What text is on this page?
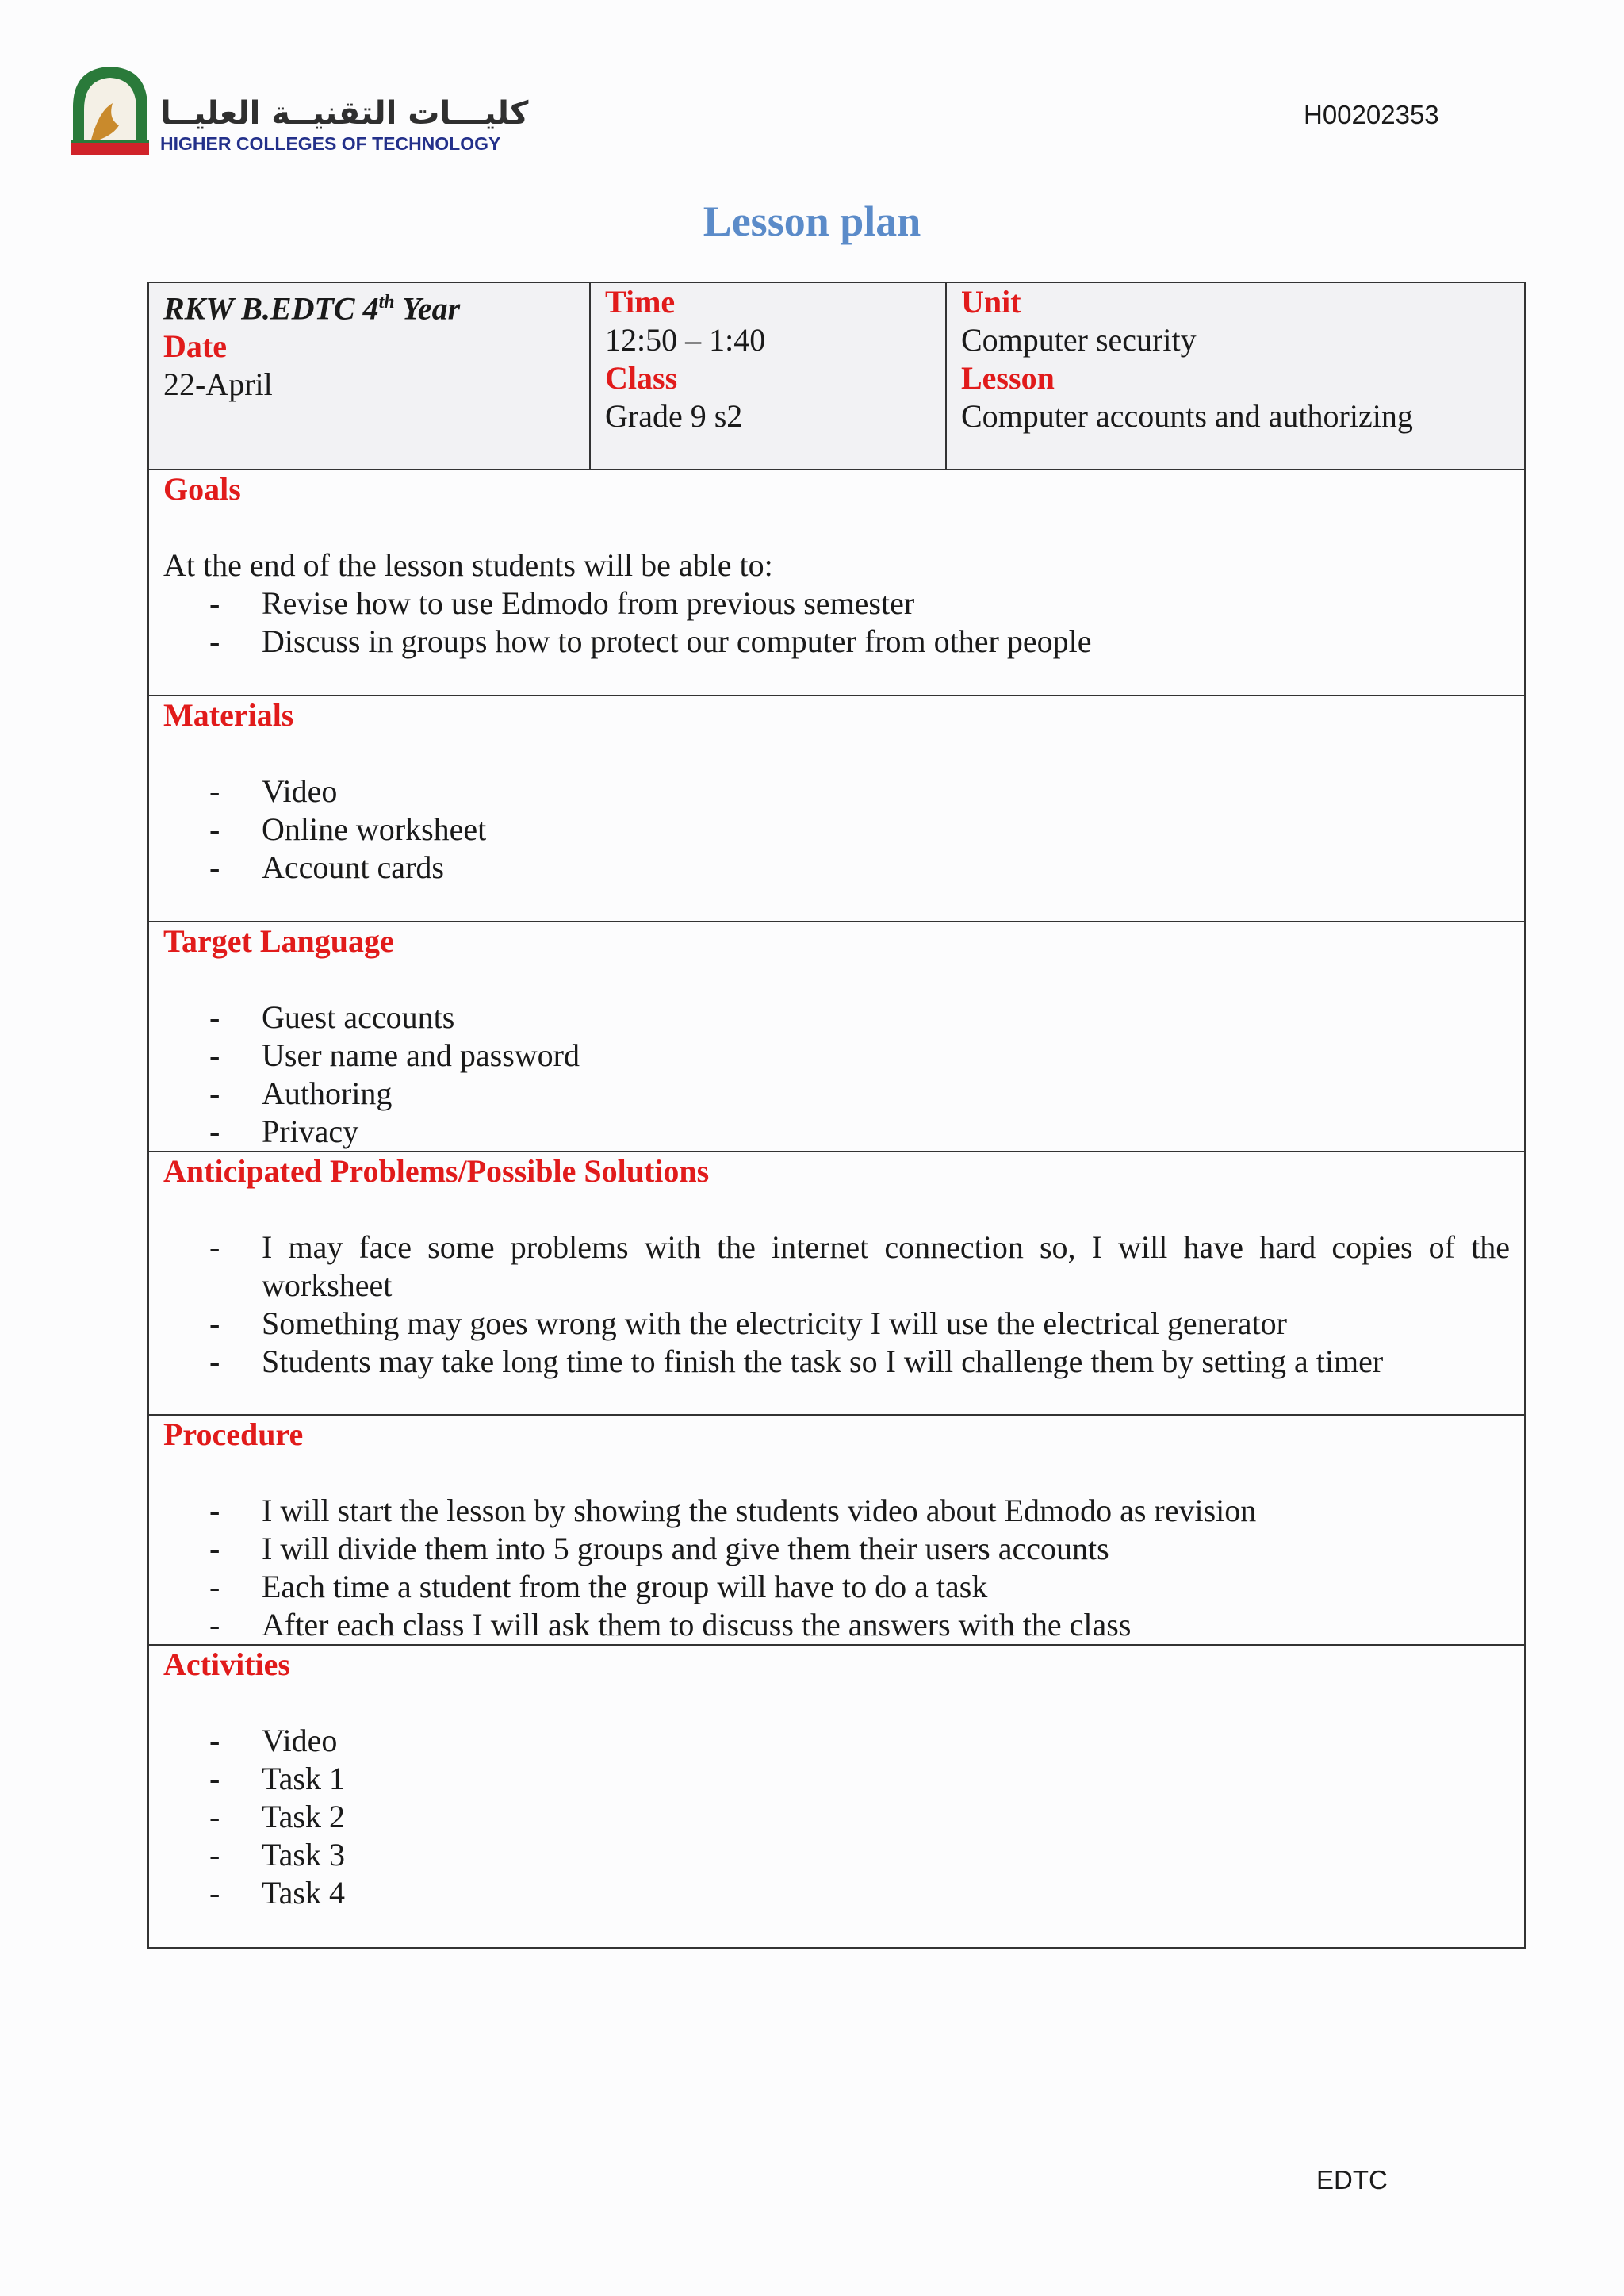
كليـــات التقنيــة العليــا
HIGHER COLLEGES OF TECHNOLOGY
H00202353
Lesson plan
RKW B.EDTC 4th Year
Date
22-April

Time
12:50 – 1:40
Class
Grade 9 s2

Unit
Computer security
Lesson
Computer accounts and authorizing

Goals
At the end of the lesson students will be able to:
- Revise how to use Edmodo from previous semester
- Discuss in groups how to protect our computer from other people

Materials
- Video
- Online worksheet
- Account cards

Target Language
- Guest accounts
- User name and password
- Authoring
- Privacy

Anticipated Problems/Possible Solutions
- I may face some problems with the internet connection so, I will have hard copies of the worksheet
- Something may goes wrong with the electricity I will use the electrical generator
- Students may take long time to finish the task so I will challenge them by setting a timer

Procedure
- I will start the lesson by showing the students video about Edmodo as revision
- I will divide them into 5 groups and give them their users accounts
- Each time a student from the group will have to do a task
- After each class I will ask them to discuss the answers with the class

Activities
- Video
- Task 1
- Task 2
- Task 3
- Task 4
EDTC
